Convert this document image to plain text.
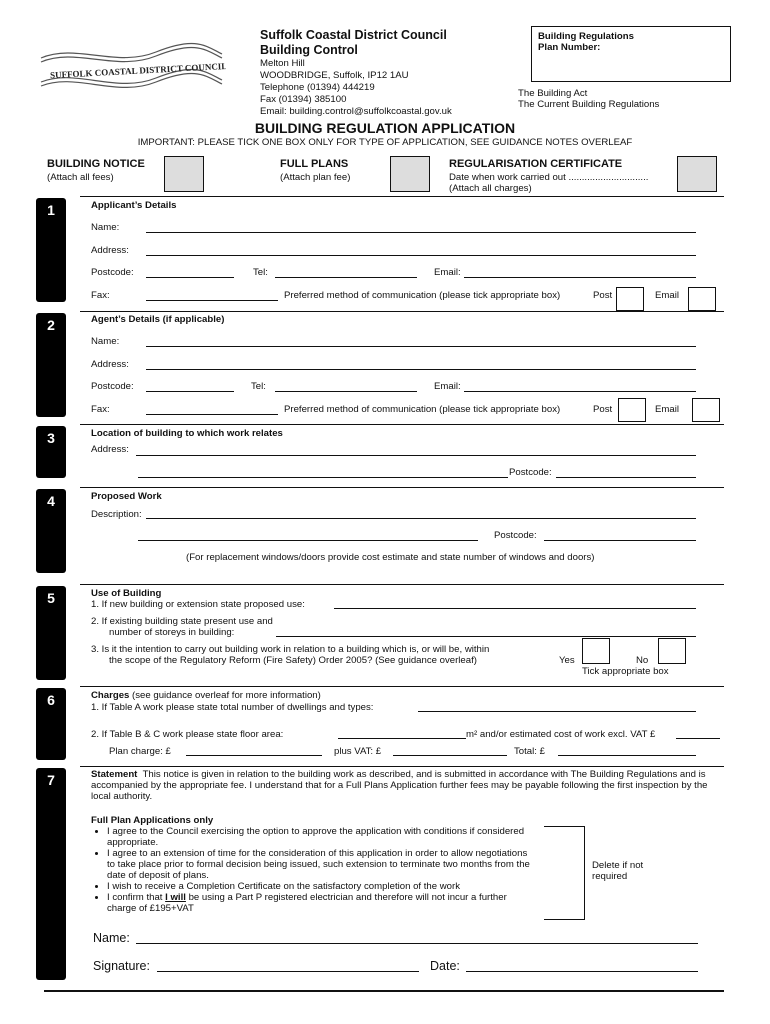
SUFFOLK COASTAL DISTRICT COUNCIL
Suffolk Coastal District Council
Building Control
Melton Hill
WOODBRIDGE, Suffolk, IP12 1AU
Telephone (01394) 444219
Fax (01394) 385100
Email: building.control@suffolkcoastal.gov.uk
Building Regulations
Plan Number:
The Building Act
The Current Building Regulations
BUILDING REGULATION APPLICATION
IMPORTANT: PLEASE TICK ONE BOX ONLY FOR TYPE OF APPLICATION, SEE GUIDANCE NOTES OVERLEAF
BUILDING NOTICE
(Attach all fees)
FULL PLANS
(Attach plan fee)
REGULARISATION CERTIFICATE
Date when work carried out ..............................
(Attach all charges)
1	Applicant’s Details
Name:
Address:
Postcode:	Tel:	Email:
Fax:	Preferred method of communication (please tick appropriate box)	Post	Email
2	Agent’s Details (if applicable)
Name:
Address:
Postcode:	Tel:	Email:
Fax:	Preferred method of communication (please tick appropriate box)	Post	Email
3	Location of building to which work relates
Address:
Postcode:
4	Proposed Work
Description:
Postcode:
(For replacement windows/doors provide cost estimate and state number of windows and doors)
5	Use of Building
1. If new building or extension state proposed use:
2. If existing building state present use and
number of storeys in building:
3. Is it the intention to carry out building work in relation to a building which is, or will be, within
the scope of the Regulatory Reform (Fire Safety) Order 2005? (See guidance overleaf)	Yes	No
Tick appropriate box
6	Charges (see guidance overleaf for more information)
1. If Table A work please state total number of dwellings and types:
2. If Table B & C work please state floor area:	m² and/or estimated cost of work excl. VAT £
Plan charge: £	plus VAT: £	Total: £
7	Statement This notice is given in relation to the building work as described, and is submitted in accordance with The Building Regulations and is accompanied by the appropriate fee. I understand that for a Full Plans Application further fees may be payable following the first inspection by the local authority.
Full Plan Applications only
• I agree to the Council exercising the option to approve the application with conditions if considered appropriate.
• I agree to an extension of time for the consideration of this application in order to allow negotiations to take place prior to formal decision being issued, such extension to terminate two months from the date of deposit of plans.
• I wish to receive a Completion Certificate on the satisfactory completion of the work
• I confirm that I will be using a Part P registered electrician and therefore will not incur a further charge of £195+VAT
Delete if not required
Name:
Signature:	Date:
